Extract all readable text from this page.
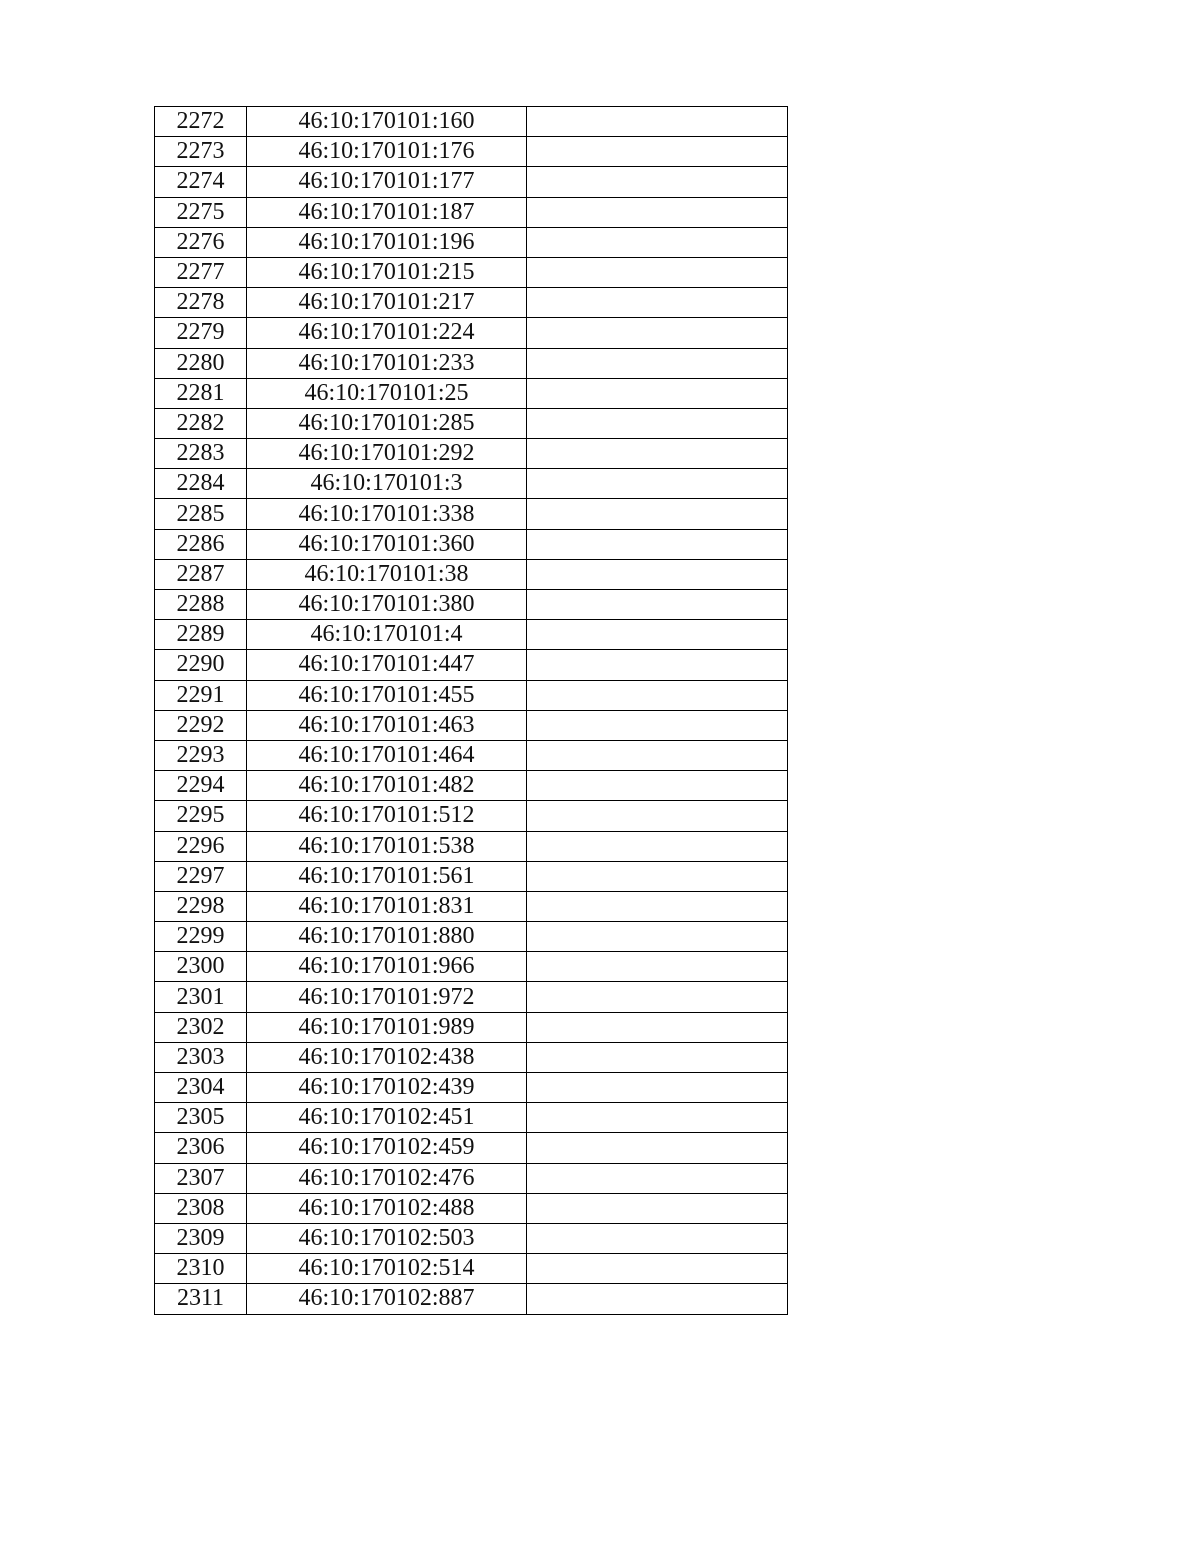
2272	46:10:170101:160	
2273	46:10:170101:176	
2274	46:10:170101:177	
2275	46:10:170101:187	
2276	46:10:170101:196	
2277	46:10:170101:215	
2278	46:10:170101:217	
2279	46:10:170101:224	
2280	46:10:170101:233	
2281	46:10:170101:25	
2282	46:10:170101:285	
2283	46:10:170101:292	
2284	46:10:170101:3	
2285	46:10:170101:338	
2286	46:10:170101:360	
2287	46:10:170101:38	
2288	46:10:170101:380	
2289	46:10:170101:4	
2290	46:10:170101:447	
2291	46:10:170101:455	
2292	46:10:170101:463	
2293	46:10:170101:464	
2294	46:10:170101:482	
2295	46:10:170101:512	
2296	46:10:170101:538	
2297	46:10:170101:561	
2298	46:10:170101:831	
2299	46:10:170101:880	
2300	46:10:170101:966	
2301	46:10:170101:972	
2302	46:10:170101:989	
2303	46:10:170102:438	
2304	46:10:170102:439	
2305	46:10:170102:451	
2306	46:10:170102:459	
2307	46:10:170102:476	
2308	46:10:170102:488	
2309	46:10:170102:503	
2310	46:10:170102:514	
2311	46:10:170102:887	
